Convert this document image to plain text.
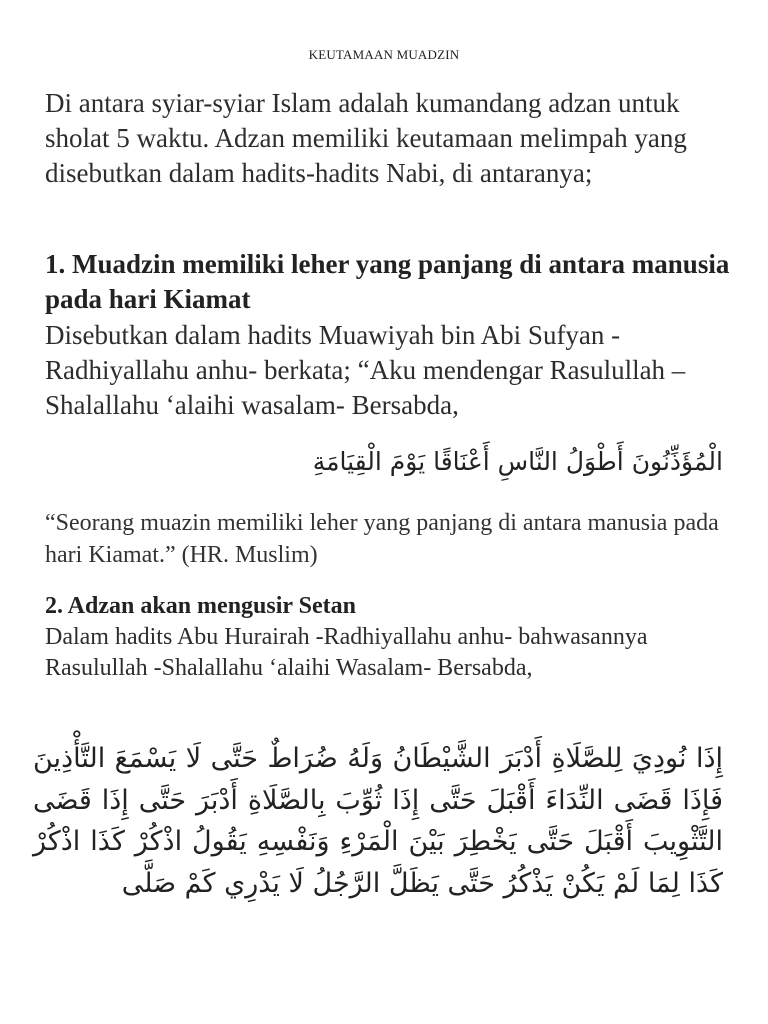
KEUTAMAAN MUADZIN
Di antara syiar-syiar Islam adalah kumandang adzan untuk sholat 5 waktu. Adzan memiliki keutamaan melimpah yang disebutkan dalam hadits-hadits Nabi, di antaranya;
1. Muadzin memiliki leher yang panjang di antara manusia pada hari Kiamat
Disebutkan dalam hadits Muawiyah bin Abi Sufyan - Radhiyallahu anhu- berkata; “Aku mendengar Rasulullah – Shalallahu ‘alaihi wasalam- Bersabda,
الْمُؤَذِّنُونَ أَطْوَلُ النَّاسِ أَعْنَاقًا يَوْمَ الْقِيَامَةِ
“Seorang muazin memiliki leher yang panjang di antara manusia pada hari Kiamat.” (HR. Muslim)
2. Adzan akan mengusir Setan
Dalam hadits Abu Hurairah -Radhiyallahu anhu- bahwasannya Rasulullah -Shalallahu ‘alaihi Wasalam- Bersabda,
إِذَا نُودِيَ لِلصَّلَاةِ أَدْبَرَ الشَّيْطَانُ وَلَهُ ضُرَاطٌ حَتَّى لَا يَسْمَعَ التَّأْذِينَ فَإِذَا قَضَى النِّدَاءَ أَقْبَلَ حَتَّى إِذَا ثُوِّبَ بِالصَّلَاةِ أَدْبَرَ حَتَّى إِذَا قَضَى التَّثْوِيبَ أَقْبَلَ حَتَّى يَخْطِرَ بَيْنَ الْمَرْءِ وَنَفْسِهِ يَقُولُ اذْكُرْ كَذَا اذْكُرْ كَذَا لِمَا لَمْ يَكُنْ يَذْكُرُ حَتَّى يَظَلَّ الرَّجُلُ لَا يَدْرِي كَمْ صَلَّى
